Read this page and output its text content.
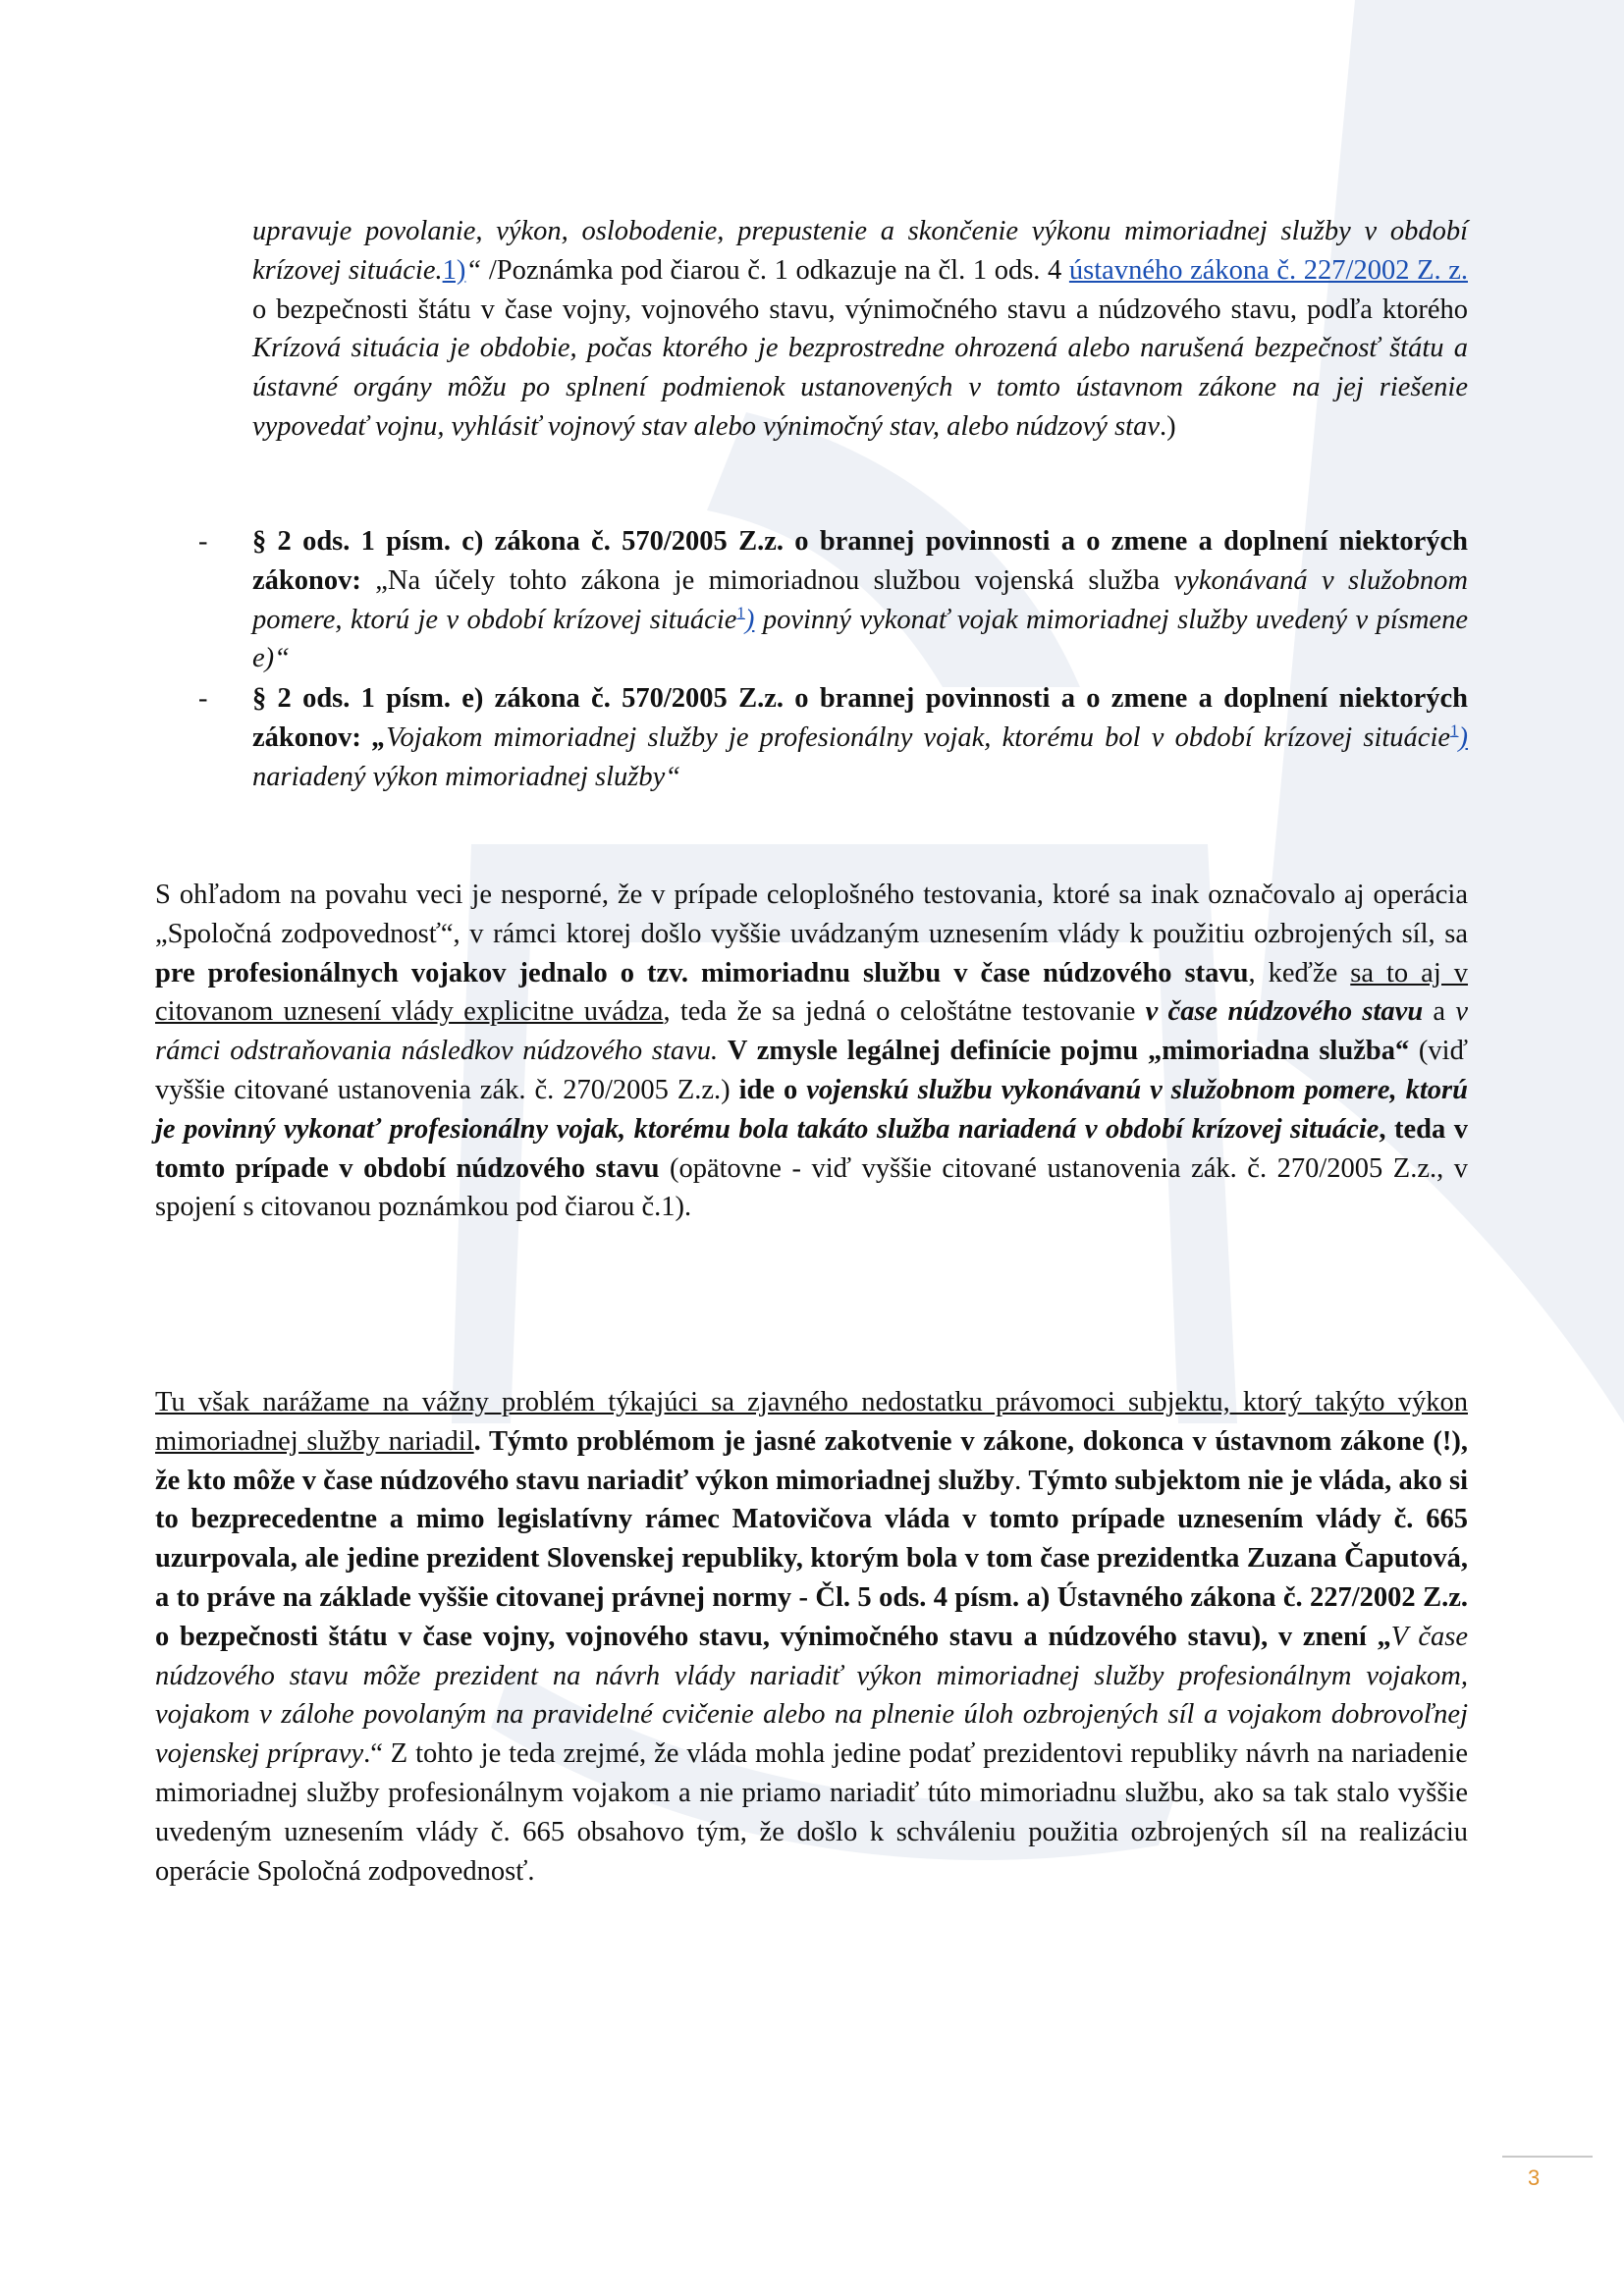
upravuje povolanie, výkon, oslobodenie, prepustenie a skončenie výkonu mimoriadnej služby v období krízovej situácie.1)“ /Poznámka pod čiarou č. 1 odkazuje na čl. 1 ods. 4 ústavného zákona č. 227/2002 Z. z. o bezpečnosti štátu v čase vojny, vojnového stavu, výnimočného stavu a núdzového stavu, podľa ktorého Krízová situácia je obdobie, počas ktorého je bezprostredne ohrozená alebo narušená bezpečnosť štátu a ústavné orgány môžu po splnení podmienok ustanovených v tomto ústavnom zákone na jej riešenie vypovedať vojnu, vyhlásiť vojnový stav alebo výnimočný stav, alebo núdzový stav.)
- § 2 ods. 1 písm. c) zákona č. 570/2005 Z.z. o brannej povinnosti a o zmene a doplnení niektorých zákonov: „Na účely tohto zákona je mimoriadnou službou vojenská služba vykonávaná v služobnom pomere, ktorú je v období krízovej situácie$^1$) povinný vykonať vojak mimoriadnej služby uvedený v písmene e)“
- § 2 ods. 1 písm. e) zákona č. 570/2005 Z.z. o brannej povinnosti a o zmene a doplnení niektorých zákonov: „Vojakom mimoriadnej služby je profesionálny vojak, ktorému bol v období krízovej situácie$^1$) nariadený výkon mimoriadnej služby“
S ohľadom na povahu veci je nesporné, že v prípade celoplošného testovania, ktoré sa inak označovalo aj operácia „Spoločná zodpovednosť“, v rámci ktorej došlo vyššie uvádzaným uznesením vlády k použitiu ozbrojených síl, sa pre profesionálnych vojakov jednalo o tzv. mimoriadnu službu v čase núdzového stavu, keďže sa to aj v citovanom uznesení vlády explicitne uvádza, teda že sa jedná o celoštátne testovanie v čase núdzového stavu a v rámci odstraňovania následkov núdzového stavu. V zmysle legálnej definície pojmu „mimoriadna služba“ (viď vyššie citované ustanovenia zák. č. 270/2005 Z.z.) ide o vojenskú službu vykonávanú v služobnom pomere, ktorú je povinný vykonať profesionálny vojak, ktorému bola takáto služba nariadená v období krízovej situácie, teda v tomto prípade v období núdzového stavu (opätovne - viď vyššie citované ustanovenia zák. č. 270/2005 Z.z., v spojení s citovanou poznámkou pod čiarou č.1).
Tu však narážame na vážny problém týkajúci sa zjavného nedostatku právomoci subjektu, ktorý takýto výkon mimoriadnej služby nariadil. Týmto problémom je jasné zakotvenie v zákone, dokonca v ústavnom zákone (!), že kto môže v čase núdzového stavu nariadiť výkon mimoriadnej služby. Týmto subjektom nie je vláda, ako si to bezprecedentne a mimo legislatívny rámec Matovičova vláda v tomto prípade uznesením vlády č. 665 uzurpovala, ale jedine prezident Slovenskej republiky, ktorým bola v tom čase prezidentka Zuzana Čaputová, a to práve na základe vyššie citovanej právnej normy - Čl. 5 ods. 4 písm. a) Ústavného zákona č. 227/2002 Z.z. o bezpečnosti štátu v čase vojny, vojnového stavu, výnimočného stavu a núdzového stavu), v znení „V čase núdzového stavu môže prezident na návrh vlády nariadiť výkon mimoriadnej služby profesionálnym vojakom, vojakom v zálohe povolaným na pravidelné cvičenie alebo na plnenie úloh ozbrojených síl a vojakom dobrovoľnej vojenskej prípravy.“ Z tohto je teda zrejmé, že vláda mohla jedine podať prezidentovi republiky návrh na nariadenie mimoriadnej služby profesionálnym vojakom a nie priamo nariadiť túto mimoriadnu službu, ako sa tak stalo vyššie uvedeným uznesením vlády č. 665 obsahovo tým, že došlo k schváleniu použitia ozbrojených síl na realizáciu operácie Spoločná zodpovednosť.
3
